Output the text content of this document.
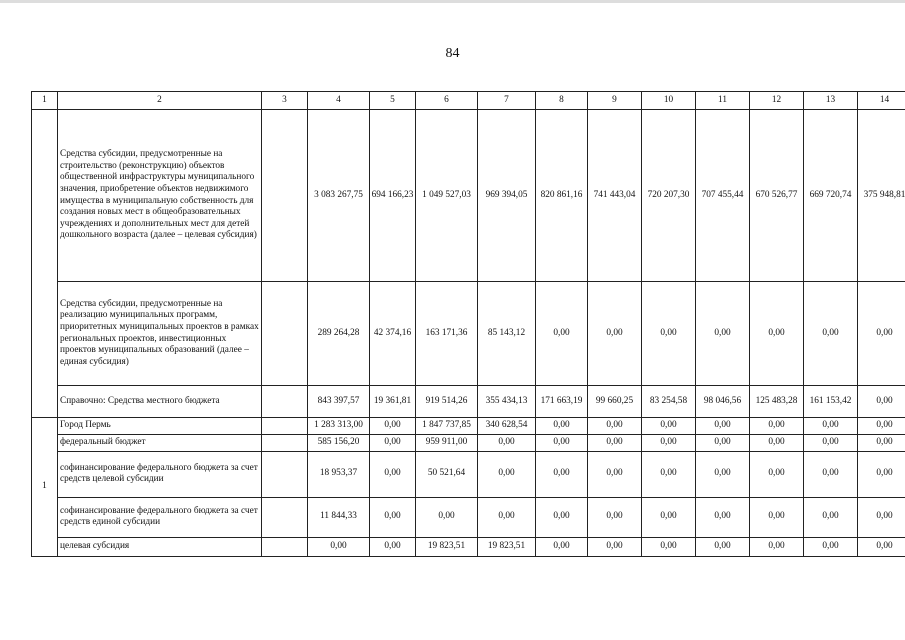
84
1	2	3	4	5	6	7	8	9	10	11	12	13	14
	Средства субсидии, предусмотренные на строительство (реконструкцию) объектов общественной инфраструктуры муниципального значения, приобретение объектов недвижимого имущества в муниципальную собственность для создания новых мест в общеобразовательных учреждениях и дополнительных мест для детей дошкольного возраста (далее – целевая субсидия)		3 083 267,75	694 166,23	1 049 527,03	969 394,05	820 861,16	741 443,04	720 207,30	707 455,44	670 526,77	669 720,74	375 948,81
	Средства субсидии, предусмотренные на реализацию муниципальных программ, приоритетных муниципальных проектов в рамках региональных проектов, инвестиционных проектов муниципальных образований (далее – единая субсидия)		289 264,28	42 374,16	163 171,36	85 143,12	0,00	0,00	0,00	0,00	0,00	0,00	0,00
	Справочно: Средства местного бюджета		843 397,57	19 361,81	919 514,26	355 434,13	171 663,19	99 660,25	83 254,58	98 046,56	125 483,28	161 153,42	0,00
1	Город Пермь		1 283 313,00	0,00	1 847 737,85	340 628,54	0,00	0,00	0,00	0,00	0,00	0,00	0,00
	федеральный бюджет		585 156,20	0,00	959 911,00	0,00	0,00	0,00	0,00	0,00	0,00	0,00	0,00
	софинансирование федерального бюджета за счет средств целевой субсидии		18 953,37	0,00	50 521,64	0,00	0,00	0,00	0,00	0,00	0,00	0,00	0,00
	софинансирование федерального бюджета за счет средств единой субсидии		11 844,33	0,00	0,00	0,00	0,00	0,00	0,00	0,00	0,00	0,00	0,00
	целевая субсидия		0,00	0,00	19 823,51	19 823,51	0,00	0,00	0,00	0,00	0,00	0,00	0,00
